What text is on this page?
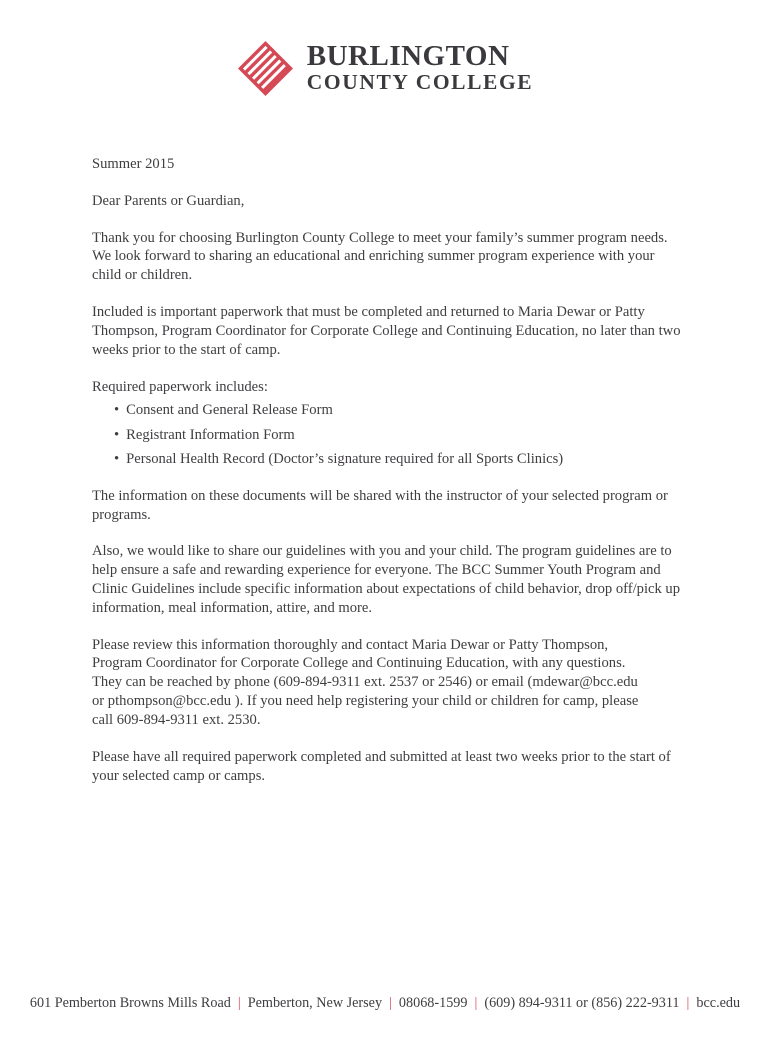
BURLINGTON
COUNTY COLLEGE

Summer 2015

Dear Parents or Guardian,

Thank you for choosing Burlington County College to meet your family’s summer program needs. We look forward to sharing an educational and enriching summer program experience with your child or children.

Included is important paperwork that must be completed and returned to Maria Dewar or Patty Thompson, Program Coordinator for Corporate College and Continuing Education, no later than two weeks prior to the start of camp.

Required paperwork includes:

• Consent and General Release Form
• Registrant Information Form
• Personal Health Record (Doctor’s signature required for all Sports Clinics)

The information on these documents will be shared with the instructor of your selected program or programs.

Also, we would like to share our guidelines with you and your child. The program guidelines are to help ensure a safe and rewarding experience for everyone. The BCC Summer Youth Program and Clinic Guidelines include specific information about expectations of child behavior, drop off/pick up information, meal information, attire, and more.

Please review this information thoroughly and contact Maria Dewar or Patty Thompson, Program Coordinator for Corporate College and Continuing Education, with any questions. They can be reached by phone (609-894-9311 ext. 2537 or 2546) or email (mdewar@bcc.edu or pthompson@bcc.edu ). If you need help registering your child or children for camp, please call 609-894-9311 ext. 2530.

Please have all required paperwork completed and submitted at least two weeks prior to the start of your selected camp or camps.

601 Pemberton Browns Mills Road | Pemberton, New Jersey | 08068-1599 | (609) 894-9311 or (856) 222-9311 | bcc.edu
